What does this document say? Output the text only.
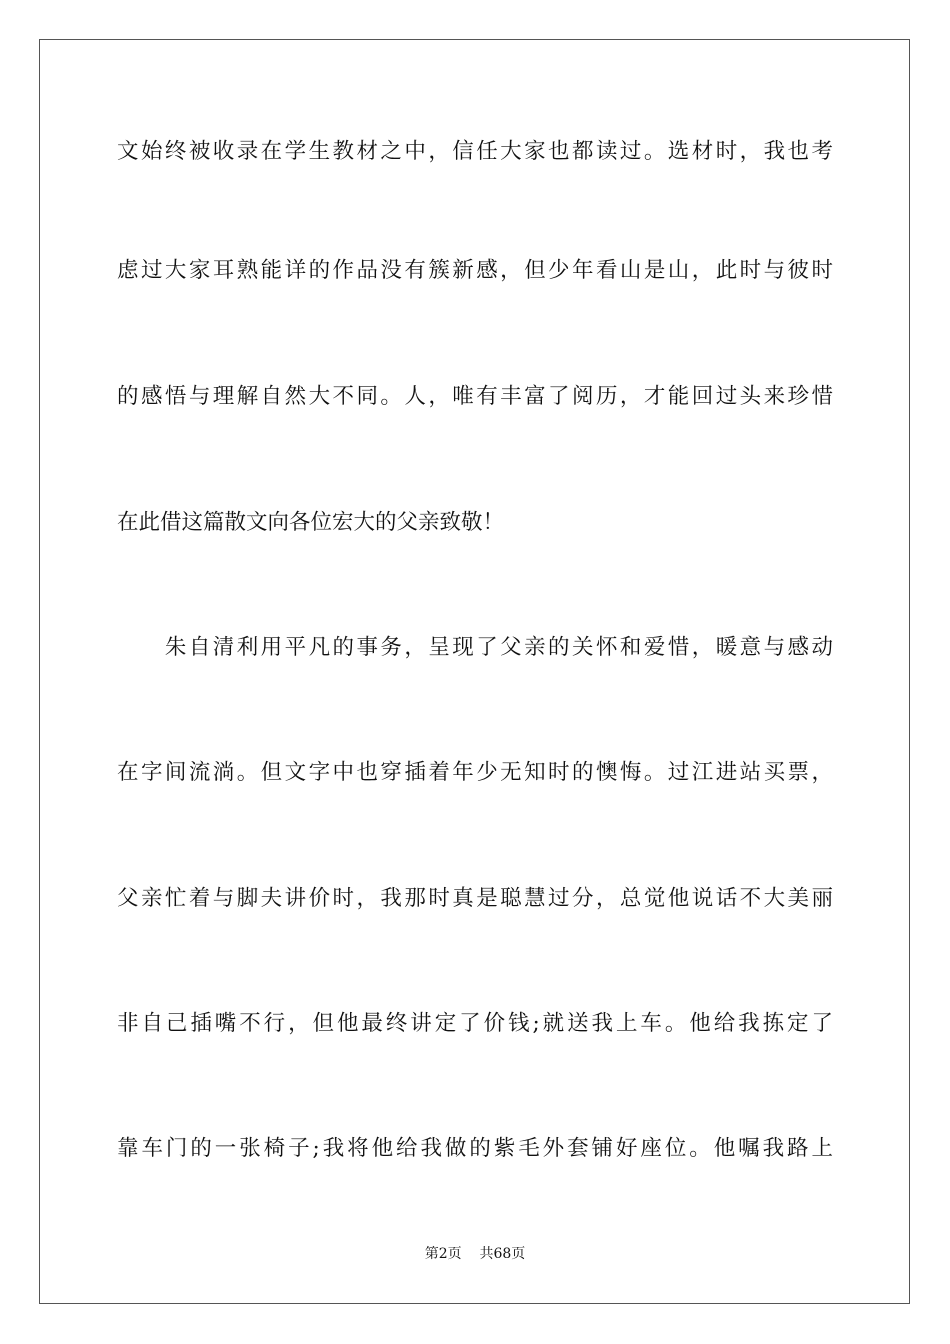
文始终被收录在学生教材之中，信任大家也都读过。选材时，我也考
虑过大家耳熟能详的作品没有簇新感，但少年看山是山，此时与彼时
的感悟与理解自然大不同。人，唯有丰富了阅历，才能回过头来珍惜
在此借这篇散文向各位宏大的父亲致敬！
　　朱自清利用平凡的事务，呈现了父亲的关怀和爱惜，暖意与感动
在字间流淌。但文字中也穿插着年少无知时的懊悔。过江进站买票，
父亲忙着与脚夫讲价时，我那时真是聪慧过分，总觉他说话不大美丽
非自己插嘴不行，但他最终讲定了价钱;就送我上车。他给我拣定了
靠车门的一张椅子;我将他给我做的紫毛外套铺好座位。他嘱我路上
第2页 共68页
